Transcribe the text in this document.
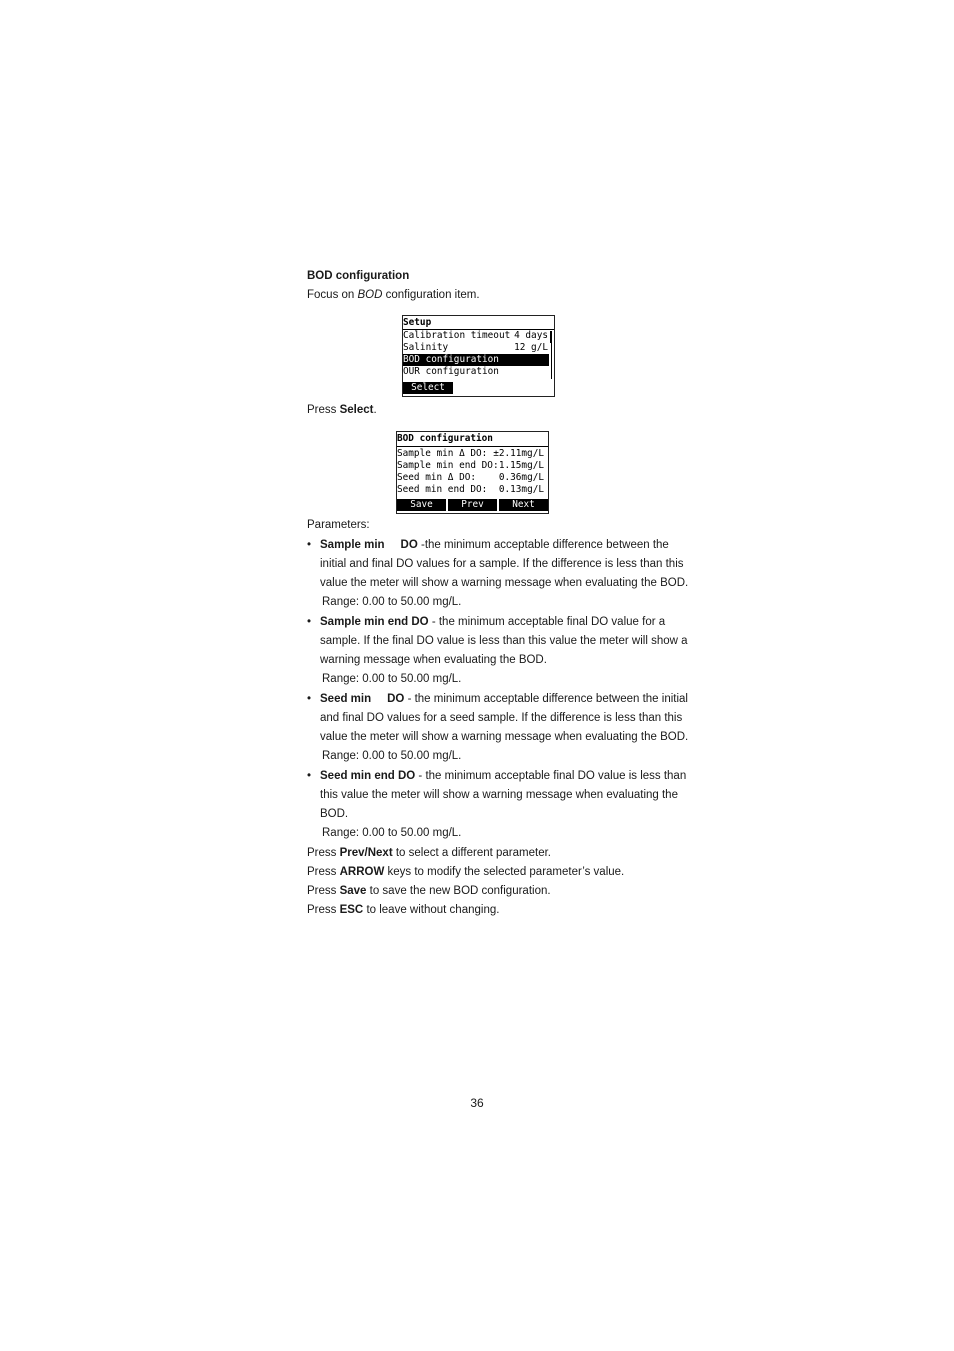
BOD configuration
Focus on BOD configuration item.
Press Select.
Parameters:
• Sample min DO -the minimum acceptable difference between the
initial and final DO values for a sample. If the difference is less than this
value the meter will show a warning message when evaluating the BOD.
Range: 0.00 to 50.00 mg/L.
• Sample min end DO - the minimum acceptable final DO value for a
sample. If the final DO value is less than this value the meter will show a
warning message when evaluating the BOD.
Range: 0.00 to 50.00 mg/L.
• Seed min DO - the minimum acceptable difference between the initial
and final DO values for a seed sample. If the difference is less than this
value the meter will show a warning message when evaluating the BOD.
Range: 0.00 to 50.00 mg/L.
• Seed min end DO - the minimum acceptable final DO value is less than
this value the meter will show a warning message when evaluating the
BOD.
Range: 0.00 to 50.00 mg/L.
Press Prev/Next to select a different parameter.
Press ARROW keys to modify the selected parameter’s value.
Press Save to save the new BOD configuration.
Press ESC to leave without changing.
Setup
Calibration timeout 4 days
Salinity	12 g/L
BOD configuration
OUR configuration
Select
BOD configuration
Sample min Δ DO: ±2.11mg/L
Sample min end DO: 1.15mg/L
Seed min Δ DO: 0.36mg/L
Seed min end DO: 0.13mg/L
Save	Prev	Next
36
